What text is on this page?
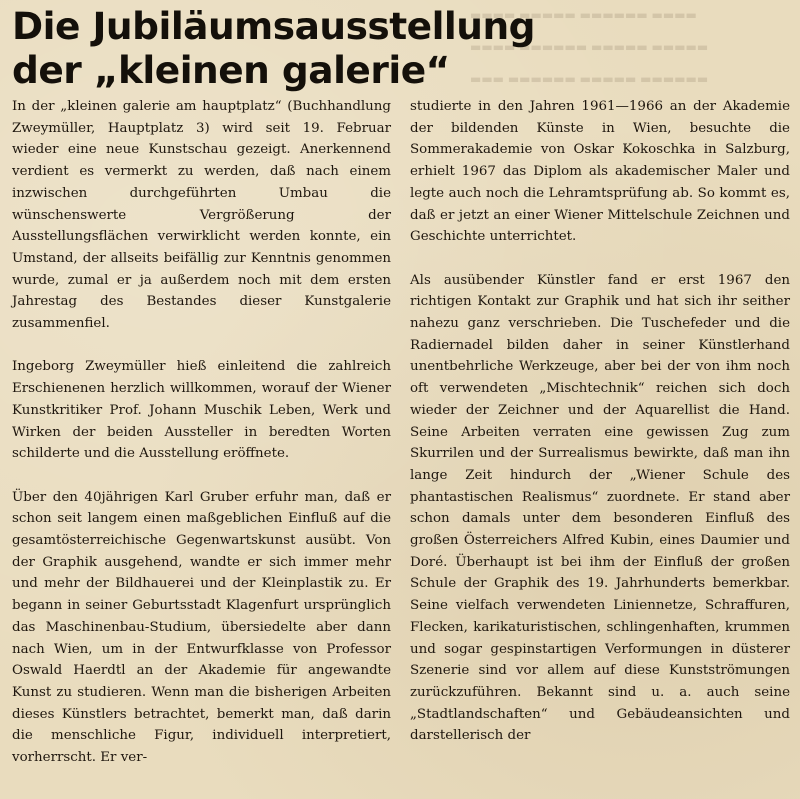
▬▬▬▬ ▬▬▬▬▬ ▬▬▬▬▬▬ ▬▬▬▬
▬▬▬▬ ▬▬▬▬▬▬ ▬▬▬▬▬ ▬▬▬▬▬
▬▬▬ ▬▬▬▬▬▬ ▬▬▬▬▬ ▬▬▬▬▬▬
Die Jubiläumsausstellung
der „kleinen galerie“

In der „kleinen galerie am hauptplatz“ (Buchhandlung Zweymüller, Hauptplatz 3) wird seit 19. Februar wieder eine neue Kunstschau gezeigt. Anerkennend verdient es vermerkt zu werden, daß nach einem inzwischen durchgeführten Umbau die wünschenswerte Vergrößerung der Ausstellungsflächen verwirklicht werden konnte, ein Umstand, der allseits beifällig zur Kenntnis genommen wurde, zumal er ja außerdem noch mit dem ersten Jahrestag des Bestandes dieser Kunstgalerie zusammenfiel.

Ingeborg Zweymüller hieß einleitend die zahlreich Erschienenen herzlich willkommen, worauf der Wiener Kunstkritiker Prof. Johann Muschik Leben, Werk und Wirken der beiden Aussteller in beredten Worten schilderte und die Ausstellung eröffnete.

Über den 40jährigen Karl Gruber erfuhr man, daß er schon seit langem einen maßgeblichen Einfluß auf die gesamtösterreichische Gegenwartskunst ausübt. Von der Graphik ausgehend, wandte er sich immer mehr und mehr der Bildhauerei und der Kleinplastik zu. Er begann in seiner Geburtsstadt Klagenfurt ursprünglich das Maschinenbau-Studium, übersiedelte aber dann nach Wien, um in der Entwurfklasse von Professor Oswald Haerdtl an der Akademie für angewandte Kunst zu studieren. Wenn man die bisherigen Arbeiten dieses Künstlers betrachtet, bemerkt man, daß darin die menschliche Figur, individuell interpretiert, vorherrscht. Er ver-

studierte in den Jahren 1961—1966 an der Akademie der bildenden Künste in Wien, besuchte die Sommerakademie von Oskar Kokoschka in Salzburg, erhielt 1967 das Diplom als akademischer Maler und legte auch noch die Lehramtsprüfung ab. So kommt es, daß er jetzt an einer Wiener Mittelschule Zeichnen und Geschichte unterrichtet.

Als ausübender Künstler fand er erst 1967 den richtigen Kontakt zur Graphik und hat sich ihr seither nahezu ganz verschrieben. Die Tuschefeder und die Radiernadel bilden daher in seiner Künstlerhand unentbehrliche Werkzeuge, aber bei der von ihm noch oft verwendeten „Mischtechnik“ reichen sich doch wieder der Zeichner und der Aquarellist die Hand. Seine Arbeiten verraten eine gewissen Zug zum Skurrilen und der Surrealismus bewirkte, daß man ihn lange Zeit hindurch der „Wiener Schule des phantastischen Realismus“ zuordnete. Er stand aber schon damals unter dem besonderen Einfluß des großen Österreichers Alfred Kubin, eines Daumier und Doré. Überhaupt ist bei ihm der Einfluß der großen Schule der Graphik des 19. Jahrhunderts bemerkbar. Seine vielfach verwendeten Liniennetze, Schraffuren, Flecken, karikaturistischen, schlingenhaften, krummen und sogar gespinstartigen Verformungen in düsterer Szenerie sind vor allem auf diese Kunstströmungen zurückzuführen. Bekannt sind u. a. auch seine „Stadtlandschaften“ und Gebäudeansichten und darstellerisch der
